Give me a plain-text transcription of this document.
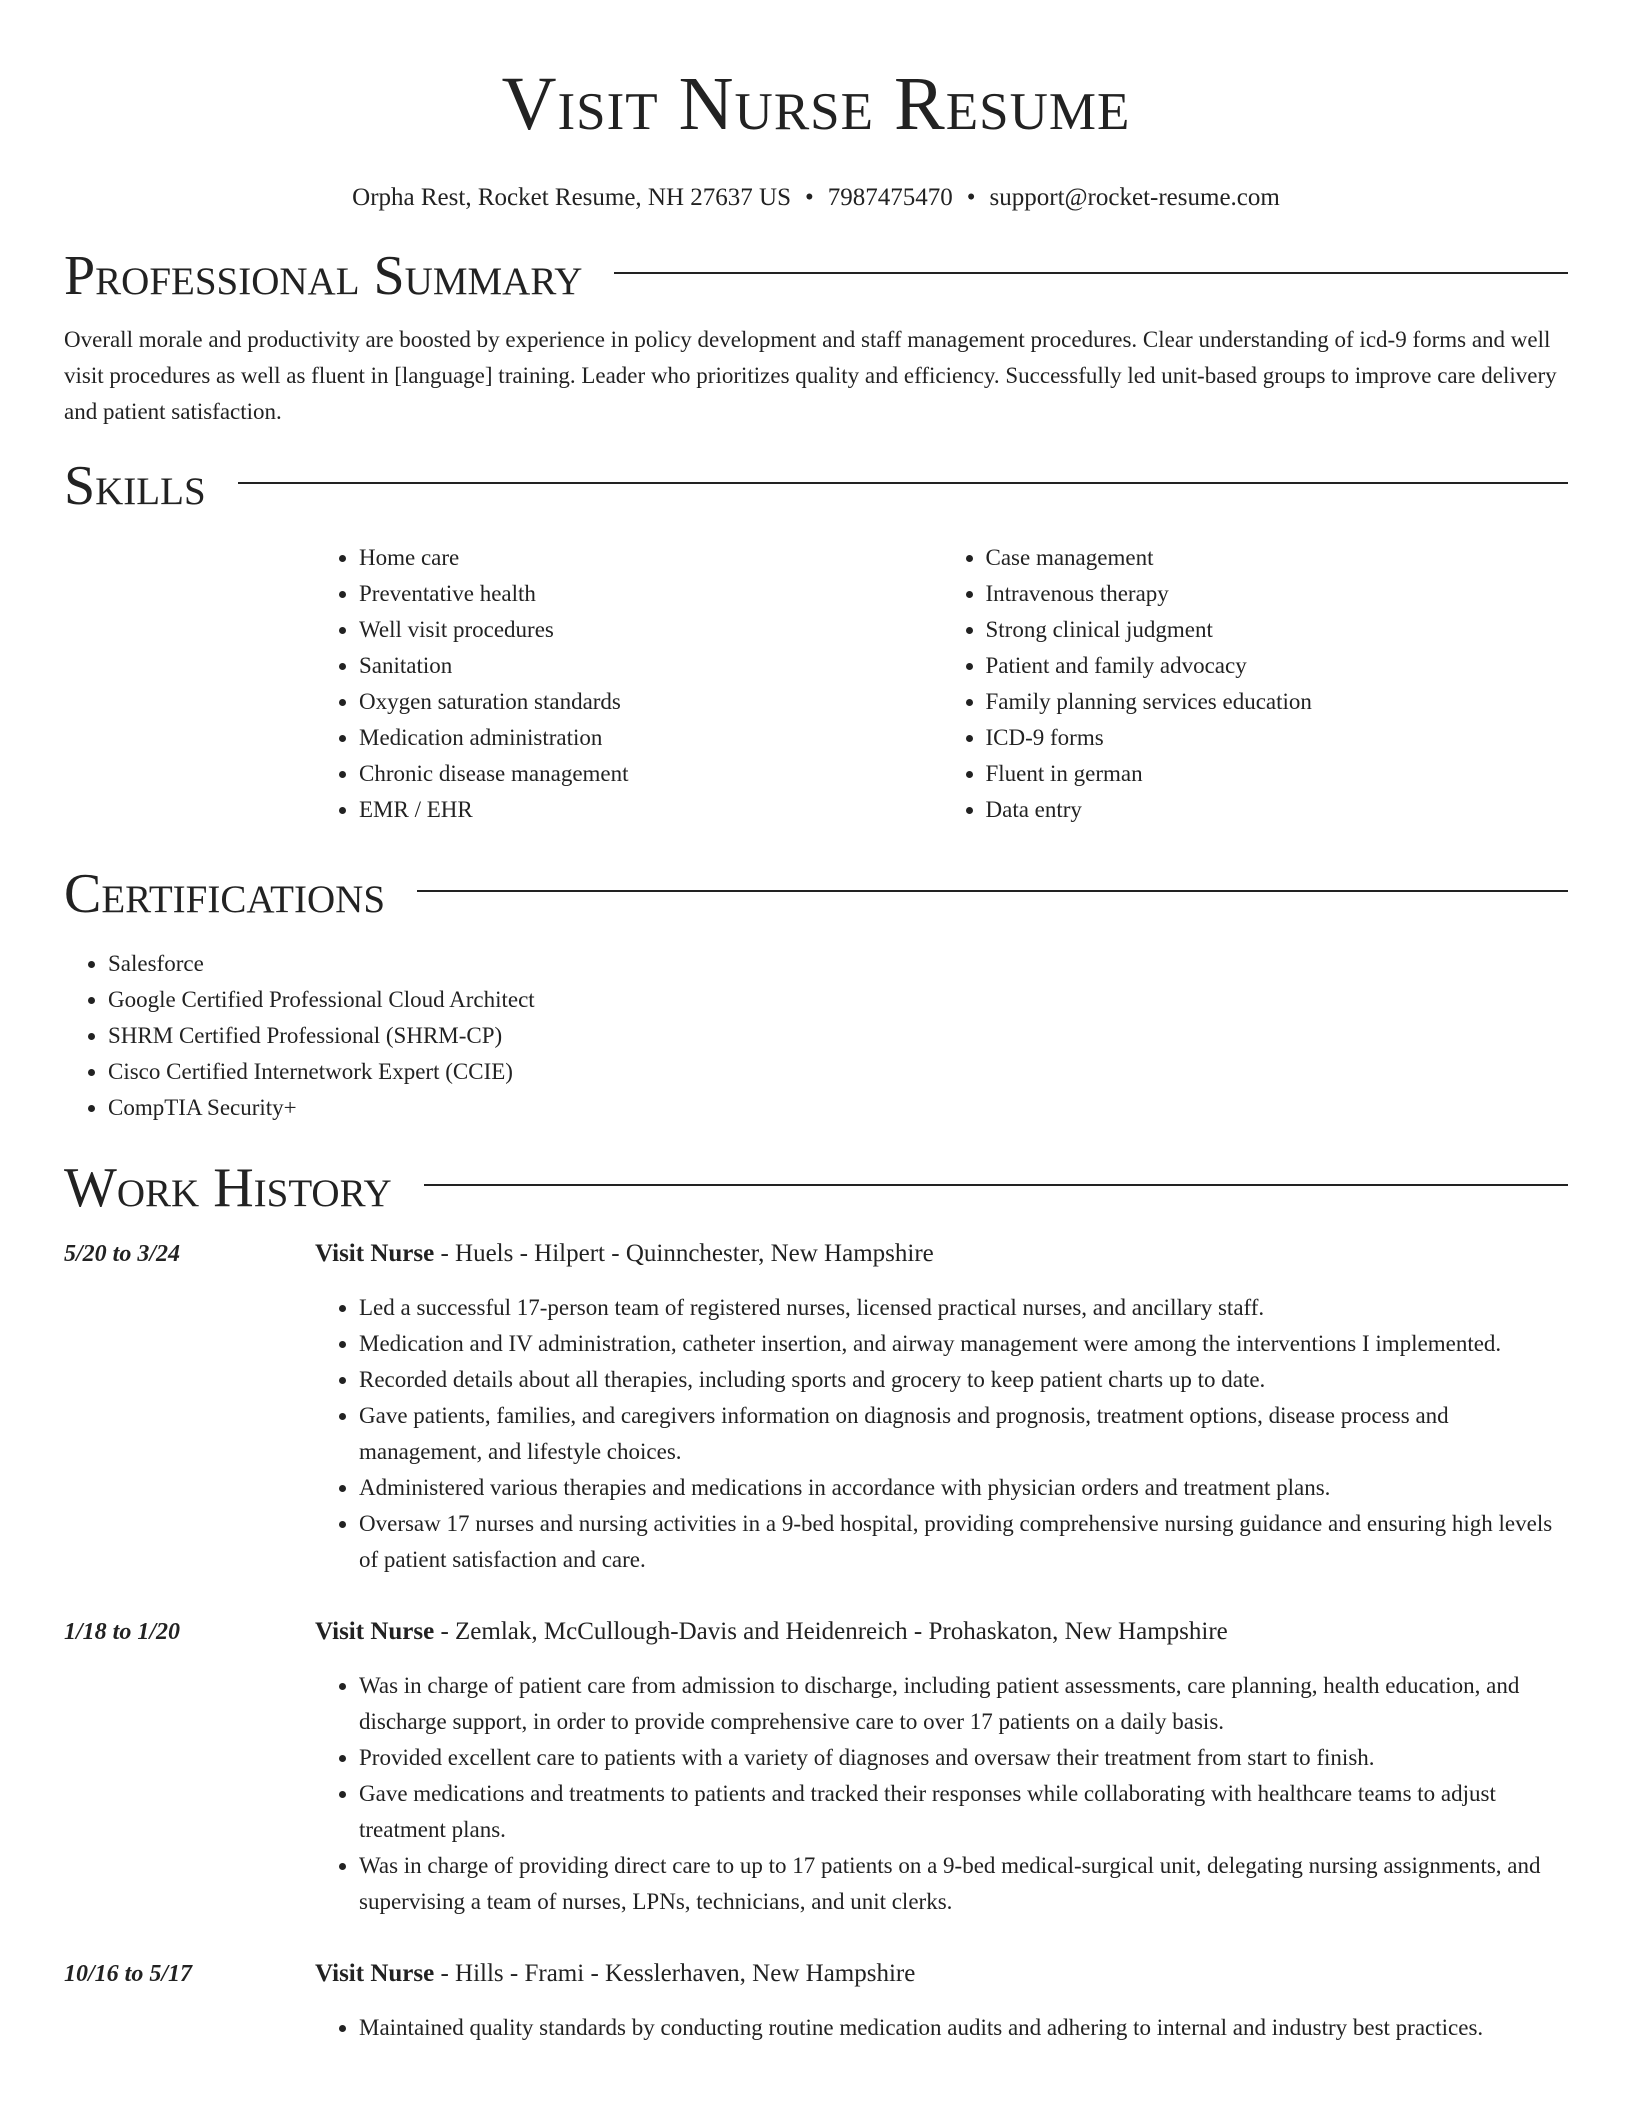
Visit Nurse Resume
Orpha Rest, Rocket Resume, NH 27637 US • 7987475470 • support@rocket-resume.com
Professional Summary

Overall morale and productivity are boosted by experience in policy development and staff management procedures. Clear understanding of icd-9 forms and well visit procedures as well as fluent in [language] training. Leader who prioritizes quality and efficiency. Successfully led unit-based groups to improve care delivery and patient satisfaction.

Skills
• Home care
• Preventative health
• Well visit procedures
• Sanitation
• Oxygen saturation standards
• Medication administration
• Chronic disease management
• EMR / EHR
• Case management
• Intravenous therapy
• Strong clinical judgment
• Patient and family advocacy
• Family planning services education
• ICD-9 forms
• Fluent in german
• Data entry
Certifications
• Salesforce
• Google Certified Professional Cloud Architect
• SHRM Certified Professional (SHRM-CP)
• Cisco Certified Internetwork Expert (CCIE)
• CompTIA Security+
Work History
5/20 to 3/24	Visit Nurse - Huels - Hilpert - Quinnchester, New Hampshire
• Led a successful 17-person team of registered nurses, licensed practical nurses, and ancillary staff.
• Medication and IV administration, catheter insertion, and airway management were among the interventions I implemented.
• Recorded details about all therapies, including sports and grocery to keep patient charts up to date.
• Gave patients, families, and caregivers information on diagnosis and prognosis, treatment options, disease process and management, and lifestyle choices.
• Administered various therapies and medications in accordance with physician orders and treatment plans.
• Oversaw 17 nurses and nursing activities in a 9-bed hospital, providing comprehensive nursing guidance and ensuring high levels of patient satisfaction and care.
1/18 to 1/20	Visit Nurse - Zemlak, McCullough-Davis and Heidenreich - Prohaskaton, New Hampshire
• Was in charge of patient care from admission to discharge, including patient assessments, care planning, health education, and discharge support, in order to provide comprehensive care to over 17 patients on a daily basis.
• Provided excellent care to patients with a variety of diagnoses and oversaw their treatment from start to finish.
• Gave medications and treatments to patients and tracked their responses while collaborating with healthcare teams to adjust treatment plans.
• Was in charge of providing direct care to up to 17 patients on a 9-bed medical-surgical unit, delegating nursing assignments, and supervising a team of nurses, LPNs, technicians, and unit clerks.
10/16 to 5/17	Visit Nurse - Hills - Frami - Kesslerhaven, New Hampshire
• Maintained quality standards by conducting routine medication audits and adhering to internal and industry best practices.
